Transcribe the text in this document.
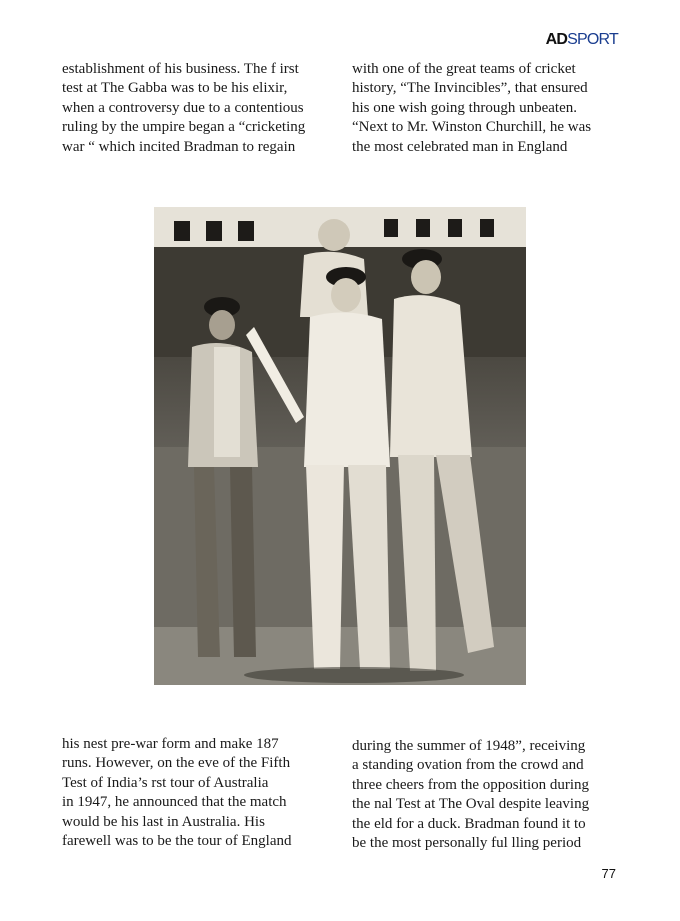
ADSPORT

establishment of his business. The f irst

test at The Gabba was to be his elixir,

when a controversy due to a contentious

ruling by the umpire began a “cricketing

war “ which incited Bradman to regain

with one of the great teams of cricket

history, “The Invincibles”, that ensured

his one wish going through unbeaten.

“Next to Mr. Winston Churchill, he was

the most celebrated man in England

his nest pre-war form and make 187

runs. However, on the eve of the Fifth

Test of India’s rst tour of Australia

in 1947, he announced that the match

would be his last in Australia. His

farewell was to be the tour of England

during the summer of 1948”, receiving

a standing ovation from the crowd and

three cheers from the opposition during

the nal Test at The Oval despite leaving

the eld for a duck. Bradman found it to

be the most personally ful lling period

77
